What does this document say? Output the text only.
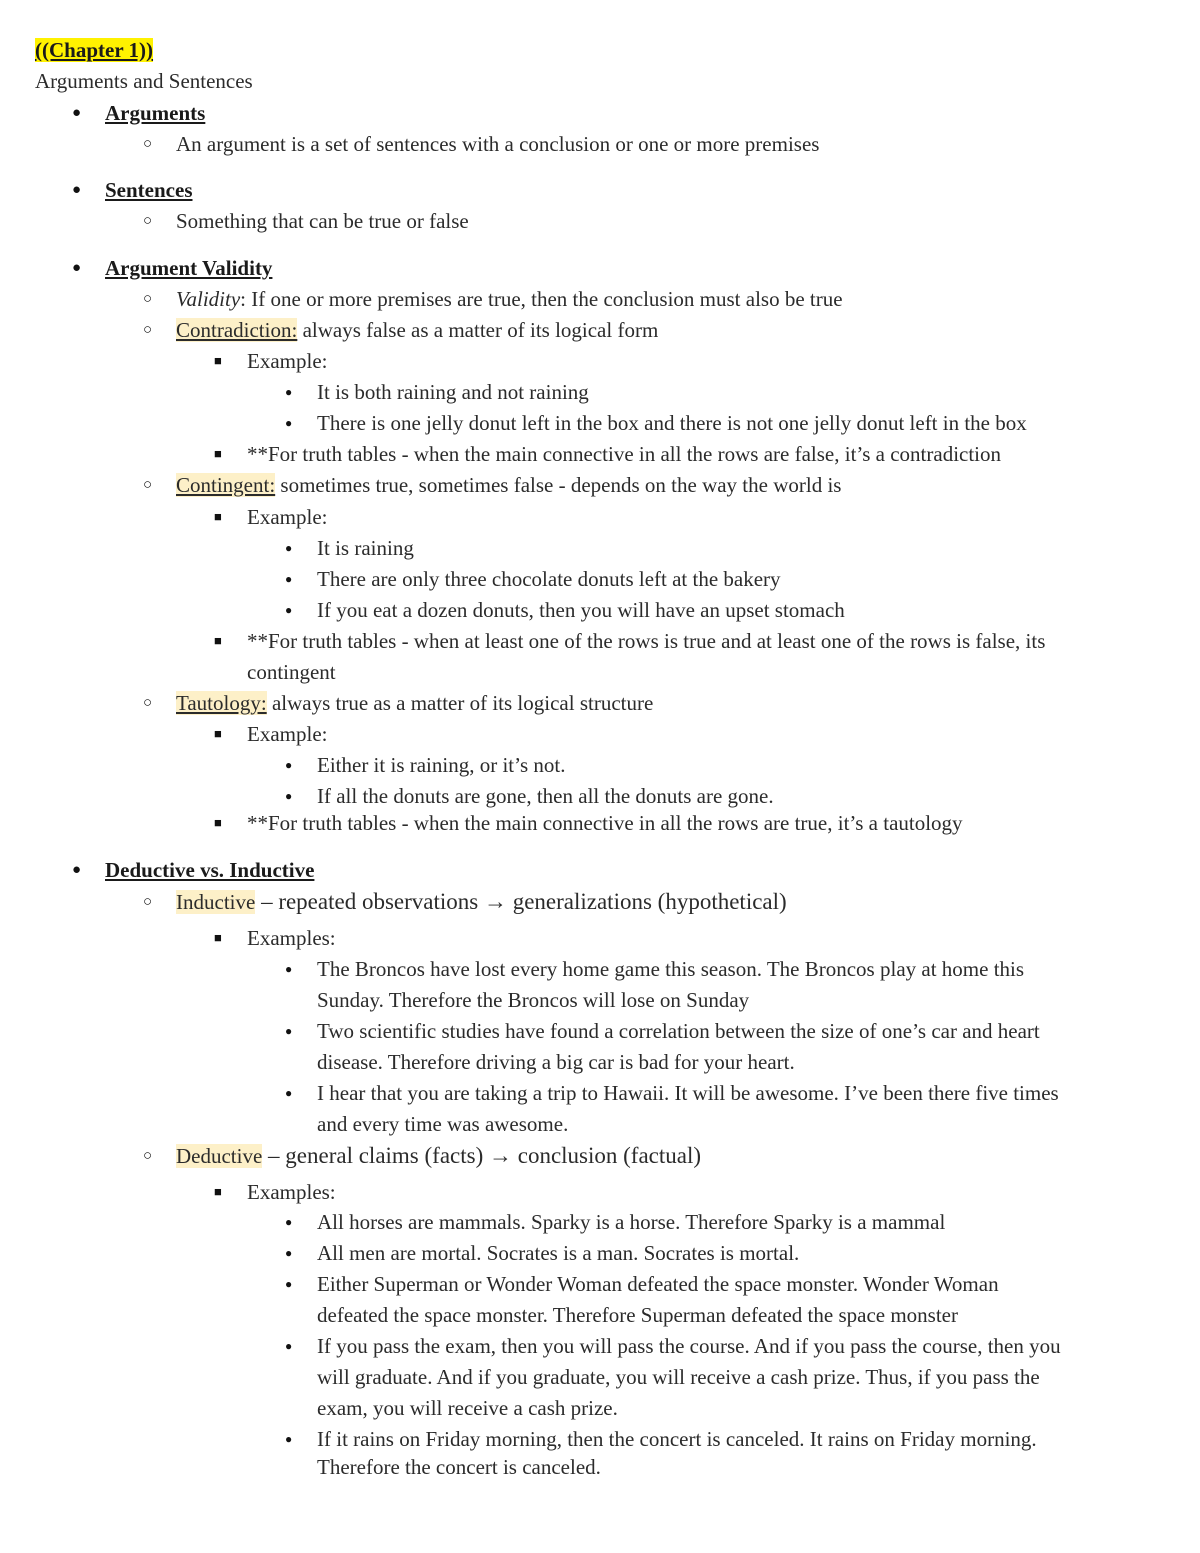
((Chapter 1))
Arguments and Sentences
● Arguments
○ An argument is a set of sentences with a conclusion or one or more premises
● Sentences
○ Something that can be true or false
● Argument Validity
○ Validity: If one or more premises are true, then the conclusion must also be true
○ Contradiction: always false as a matter of its logical form
■ Example:
● It is both raining and not raining
● There is one jelly donut left in the box and there is not one jelly donut left in the box
■ **For truth tables - when the main connective in all the rows are false, it’s a contradiction
○ Contingent: sometimes true, sometimes false - depends on the way the world is
■ Example:
● It is raining
● There are only three chocolate donuts left at the bakery
● If you eat a dozen donuts, then you will have an upset stomach
■ **For truth tables - when at least one of the rows is true and at least one of the rows is false, its
contingent
○ Tautology: always true as a matter of its logical structure
■ Example:
● Either it is raining, or it’s not.
● If all the donuts are gone, then all the donuts are gone.
■ **For truth tables - when the main connective in all the rows are true, it’s a tautology
● Deductive vs. Inductive
○ Inductive – repeated observations → generalizations (hypothetical)
■ Examples:
● The Broncos have lost every home game this season. The Broncos play at home this
Sunday. Therefore the Broncos will lose on Sunday
● Two scientific studies have found a correlation between the size of one’s car and heart
disease. Therefore driving a big car is bad for your heart.
● I hear that you are taking a trip to Hawaii. It will be awesome. I’ve been there five times
and every time was awesome.
○ Deductive – general claims (facts) → conclusion (factual)
■ Examples:
● All horses are mammals. Sparky is a horse. Therefore Sparky is a mammal
● All men are mortal. Socrates is a man. Socrates is mortal.
● Either Superman or Wonder Woman defeated the space monster. Wonder Woman
defeated the space monster. Therefore Superman defeated the space monster
● If you pass the exam, then you will pass the course. And if you pass the course, then you
will graduate. And if you graduate, you will receive a cash prize. Thus, if you pass the
exam, you will receive a cash prize.
● If it rains on Friday morning, then the concert is canceled. It rains on Friday morning.
Therefore the concert is canceled.
